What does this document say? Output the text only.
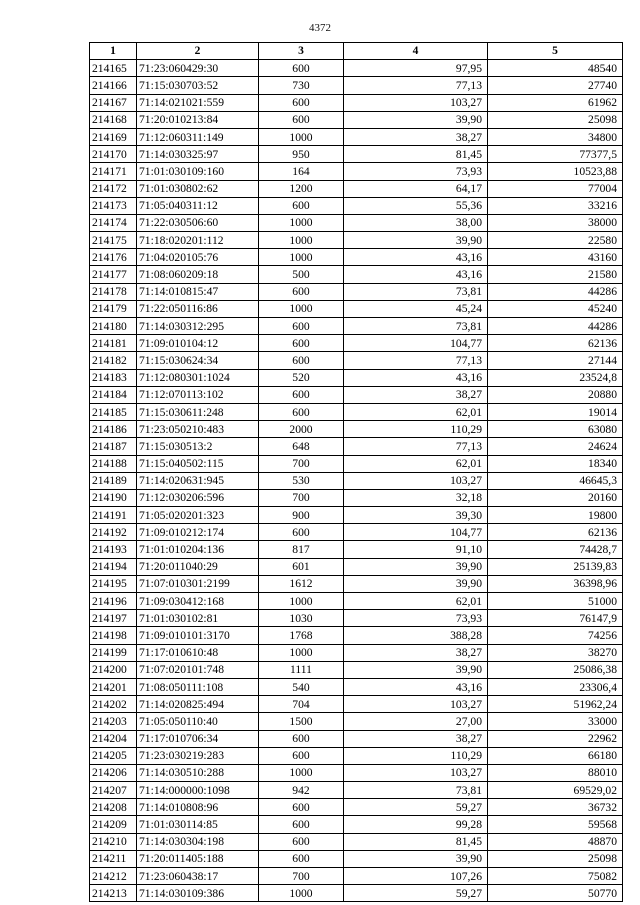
4372
1	2	3	4	5
214165	71:23:060429:30	600	97,95	48540
214166	71:15:030703:52	730	77,13	27740
214167	71:14:021021:559	600	103,27	61962
214168	71:20:010213:84	600	39,90	25098
214169	71:12:060311:149	1000	38,27	34800
214170	71:14:030325:97	950	81,45	77377,5
214171	71:01:030109:160	164	73,93	10523,88
214172	71:01:030802:62	1200	64,17	77004
214173	71:05:040311:12	600	55,36	33216
214174	71:22:030506:60	1000	38,00	38000
214175	71:18:020201:112	1000	39,90	22580
214176	71:04:020105:76	1000	43,16	43160
214177	71:08:060209:18	500	43,16	21580
214178	71:14:010815:47	600	73,81	44286
214179	71:22:050116:86	1000	45,24	45240
214180	71:14:030312:295	600	73,81	44286
214181	71:09:010104:12	600	104,77	62136
214182	71:15:030624:34	600	77,13	27144
214183	71:12:080301:1024	520	43,16	23524,8
214184	71:12:070113:102	600	38,27	20880
214185	71:15:030611:248	600	62,01	19014
214186	71:23:050210:483	2000	110,29	63080
214187	71:15:030513:2	648	77,13	24624
214188	71:15:040502:115	700	62,01	18340
214189	71:14:020631:945	530	103,27	46645,3
214190	71:12:030206:596	700	32,18	20160
214191	71:05:020201:323	900	39,30	19800
214192	71:09:010212:174	600	104,77	62136
214193	71:01:010204:136	817	91,10	74428,7
214194	71:20:011040:29	601	39,90	25139,83
214195	71:07:010301:2199	1612	39,90	36398,96
214196	71:09:030412:168	1000	62,01	51000
214197	71:01:030102:81	1030	73,93	76147,9
214198	71:09:010101:3170	1768	388,28	74256
214199	71:17:010610:48	1000	38,27	38270
214200	71:07:020101:748	1111	39,90	25086,38
214201	71:08:050111:108	540	43,16	23306,4
214202	71:14:020825:494	704	103,27	51962,24
214203	71:05:050110:40	1500	27,00	33000
214204	71:17:010706:34	600	38,27	22962
214205	71:23:030219:283	600	110,29	66180
214206	71:14:030510:288	1000	103,27	88010
214207	71:14:000000:1098	942	73,81	69529,02
214208	71:14:010808:96	600	59,27	36732
214209	71:01:030114:85	600	99,28	59568
214210	71:14:030304:198	600	81,45	48870
214211	71:20:011405:188	600	39,90	25098
214212	71:23:060438:17	700	107,26	75082
214213	71:14:030109:386	1000	59,27	50770
